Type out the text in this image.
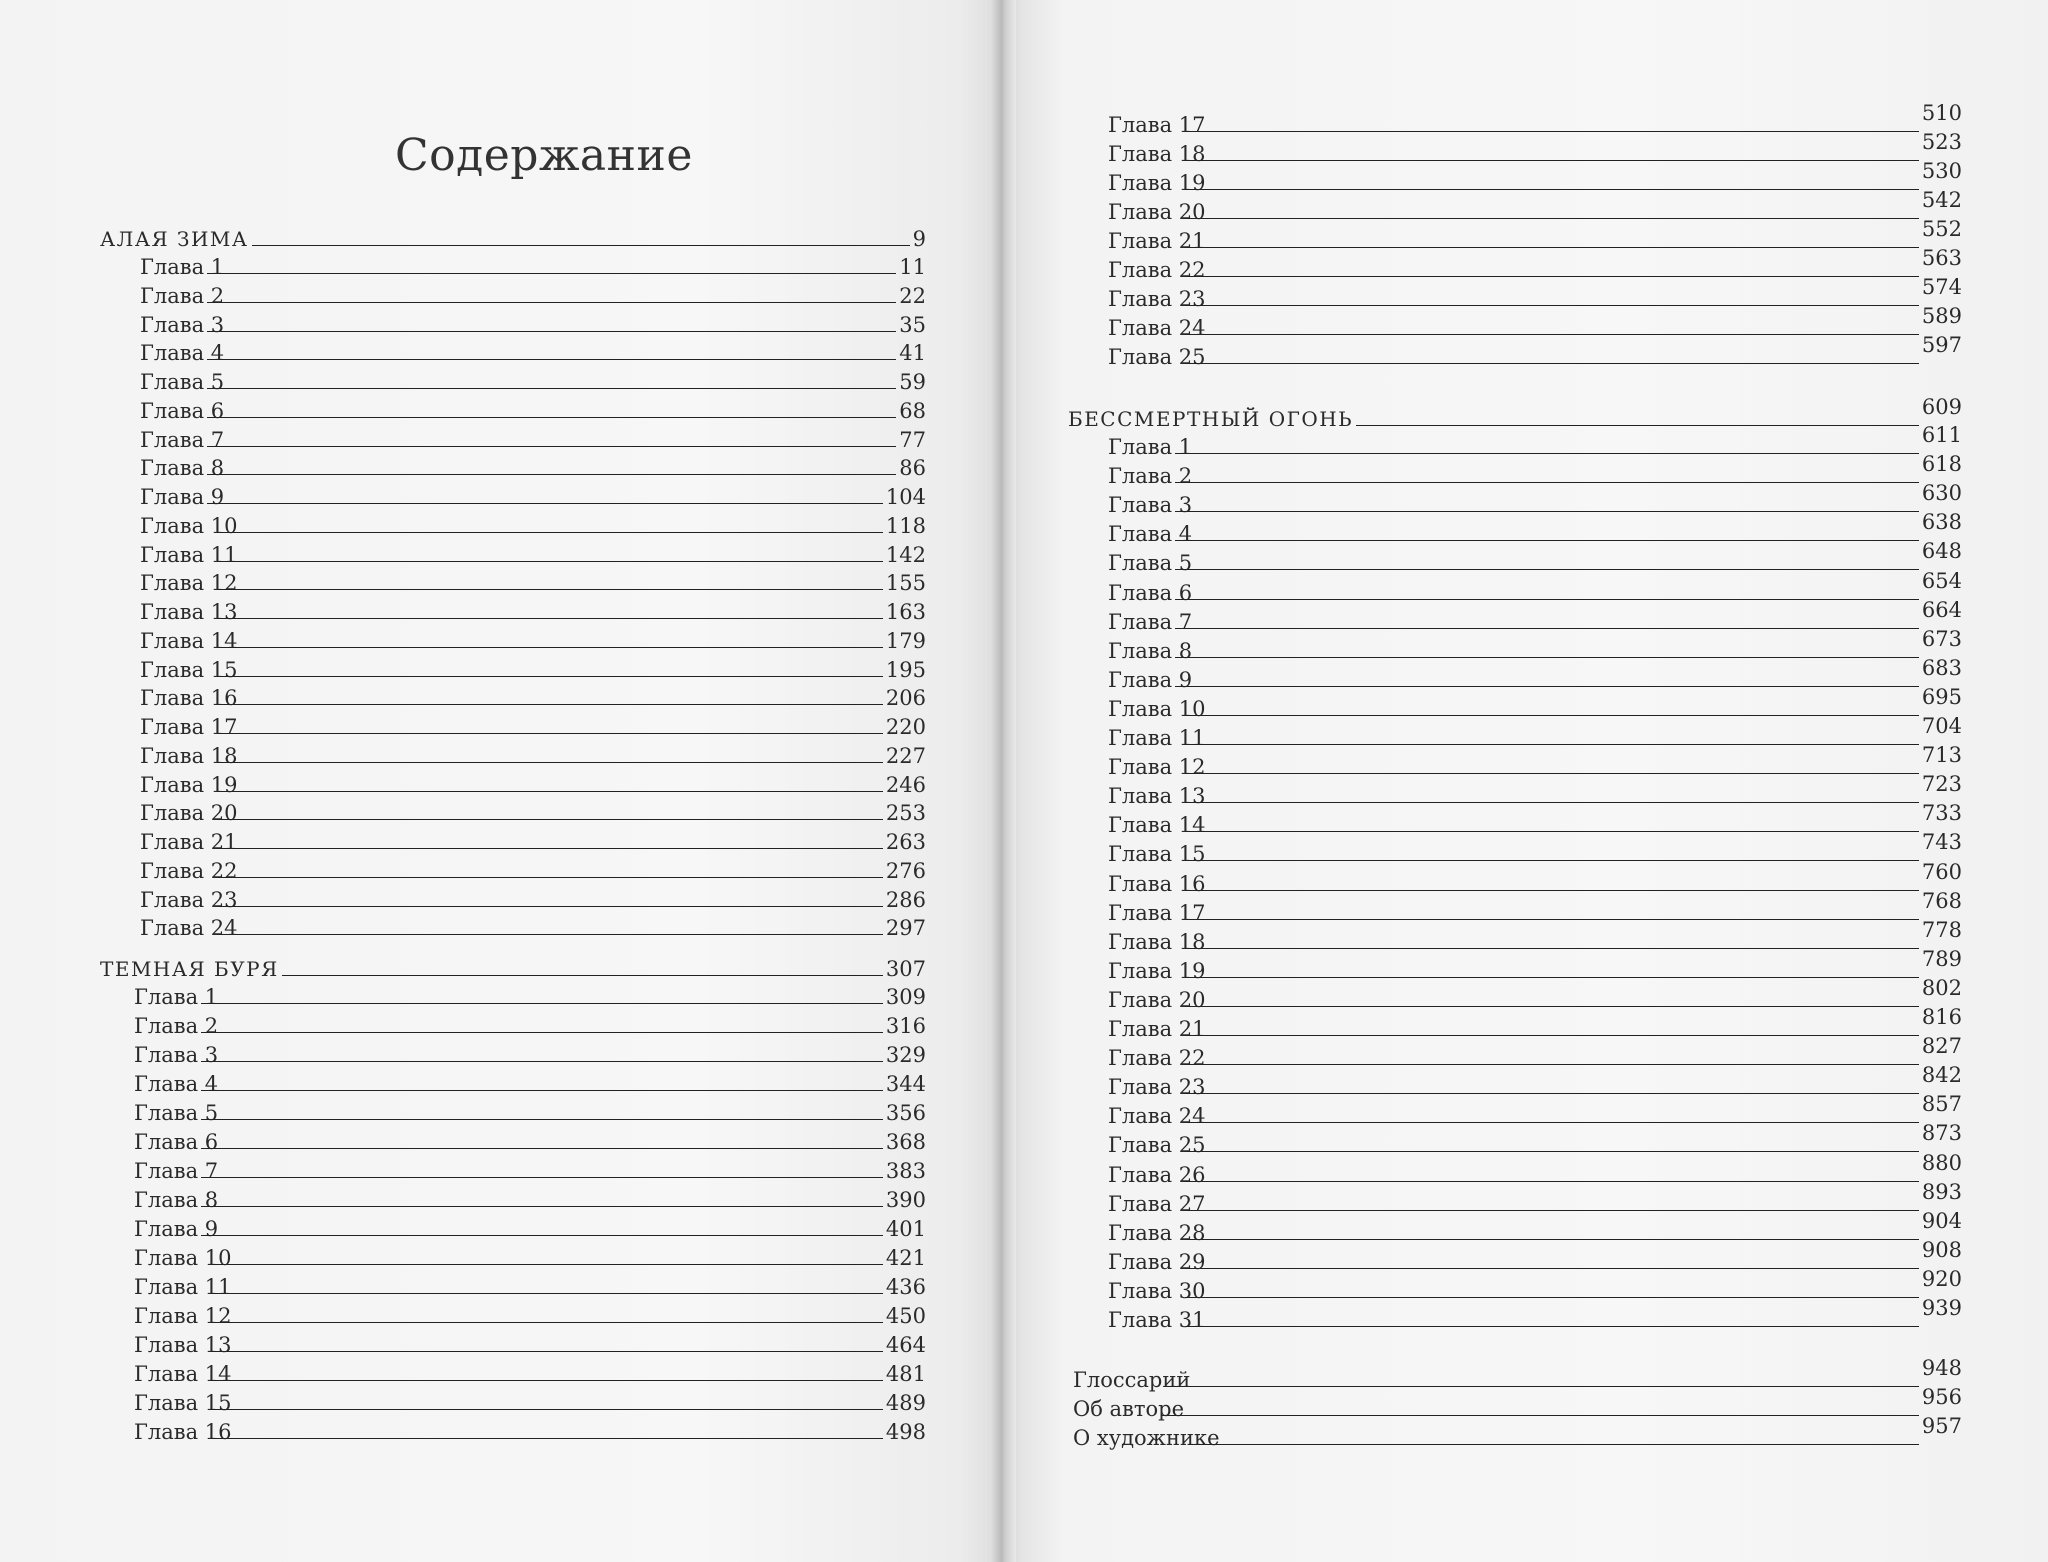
Содержание
АЛАЯ ЗИМА	9
Глава 1	11
Глава 2	22
Глава 3	35
Глава 4	41
Глава 5	59
Глава 6	68
Глава 7	77
Глава 8	86
Глава 9	104
Глава 10	118
Глава 11	142
Глава 12	155
Глава 13	163
Глава 14	179
Глава 15	195
Глава 16	206
Глава 17	220
Глава 18	227
Глава 19	246
Глава 20	253
Глава 21	263
Глава 22	276
Глава 23	286
Глава 24	297
ТЕМНАЯ БУРЯ	307
Глава 1	309
Глава 2	316
Глава 3	329
Глава 4	344
Глава 5	356
Глава 6	368
Глава 7	383
Глава 8	390
Глава 9	401
Глава 10	421
Глава 11	436
Глава 12	450
Глава 13	464
Глава 14	481
Глава 15	489
Глава 16	498
Глава 17	510
Глава 18	523
Глава 19	530
Глава 20	542
Глава 21	552
Глава 22	563
Глава 23	574
Глава 24	589
Глава 25	597
БЕССМЕРТНЫЙ ОГОНЬ	609
Глава 1	611
Глава 2	618
Глава 3	630
Глава 4	638
Глава 5	648
Глава 6	654
Глава 7	664
Глава 8	673
Глава 9	683
Глава 10	695
Глава 11	704
Глава 12	713
Глава 13	723
Глава 14	733
Глава 15	743
Глава 16	760
Глава 17	768
Глава 18	778
Глава 19	789
Глава 20	802
Глава 21	816
Глава 22	827
Глава 23	842
Глава 24	857
Глава 25	873
Глава 26	880
Глава 27	893
Глава 28	904
Глава 29	908
Глава 30	920
Глава 31	939
Глоссарий	948
Об авторе	956
О художнике	957
